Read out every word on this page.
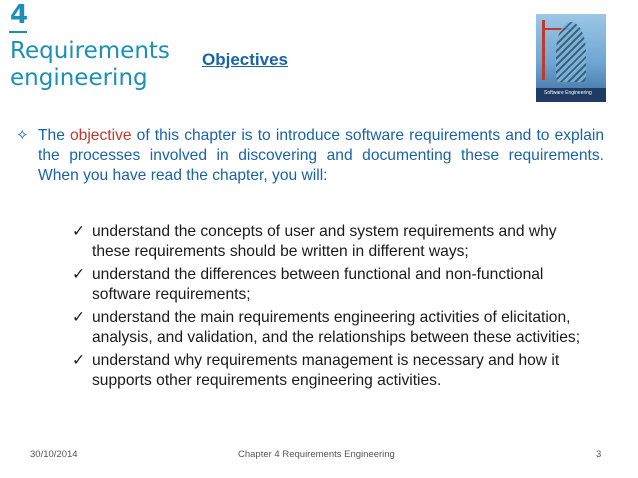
4
Requirements engineering
Objectives
Software Engineering
✧ The objective of this chapter is to introduce software requirements and to explain the processes involved in discovering and documenting these requirements. When you have read the chapter, you will:
✓ understand the concepts of user and system requirements and why these requirements should be written in different ways;
✓ understand the differences between functional and non-functional software requirements;
✓ understand the main requirements engineering activities of elicitation, analysis, and validation, and the relationships between these activities;
✓ understand why requirements management is necessary and how it supports other requirements engineering activities.
30/10/2014	Chapter 4 Requirements Engineering	3
